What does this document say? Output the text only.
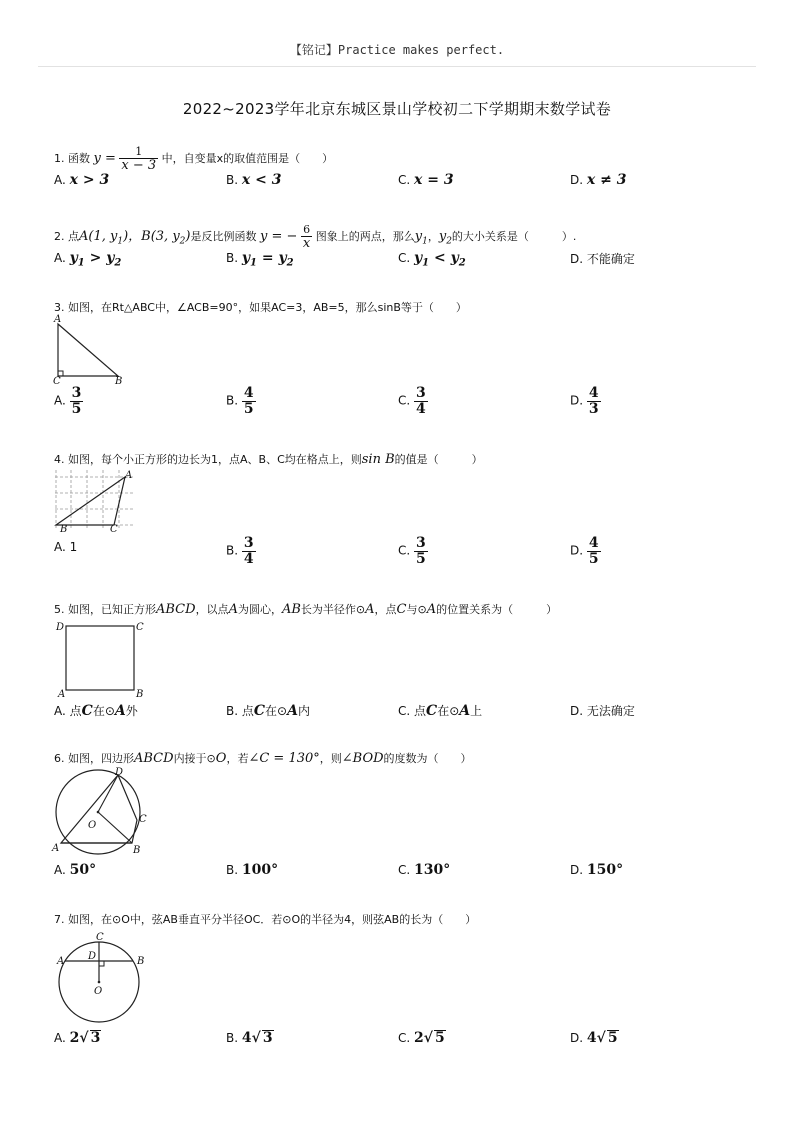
【铭记】Practice makes perfect.
2022~2023学年北京东城区景山学校初二下学期期末数学试卷
1. 函数 $y = \frac{1}{x - 3}$ 中，自变量x的取值范围是（　　）
A. x > 3	B. x < 3	C. x = 3	D. x ≠ 3
2. 点A(1, $y_1$)，B(3, $y_2$)是反比例函数 y = − $\frac{6}{x}$ 图象上的两点，那么$y_1$，$y_2$的大小关系是（　　　）.
A. $y_1 > y_2$	B. $y_1 = y_2$	C. $y_1 < y_2$	D. 不能确定
3. 如图，在Rt△ABC中，∠ACB=90°，如果AC=3，AB=5，那么sinB等于（　　）
A
C	B
A. $\frac{3}{5}$	B. $\frac{4}{5}$	C. $\frac{3}{4}$	D. $\frac{4}{3}$
4. 如图，每个小正方形的边长为1，点A、B、C均在格点上，则sin B的值是（　　　）
A
B	C
A. 1	B. $\frac{3}{4}$	C. $\frac{3}{5}$	D. $\frac{4}{5}$
5. 如图，已知正方形ABCD，以点A为圆心，AB长为半径作⊙A，点C与⊙A的位置关系为（　　　）
D	C
A	B
A. 点C在⊙A外	B. 点C在⊙A内	C. 点C在⊙A上	D. 无法确定
6. 如图，四边形ABCD内接于⊙O，若∠C = 130°，则∠BOD的度数为（　　）
D
C
O
A	B
A. 50°	B. 100°	C. 130°	D. 150°
7. 如图，在⊙O中，弦AB垂直平分半径OC．若⊙O的半径为4，则弦AB的长为（　　）
C
D
A	B
O
A. 2√ 3	B. 4√ 3	C. 2√ 5	D. 4√ 5
